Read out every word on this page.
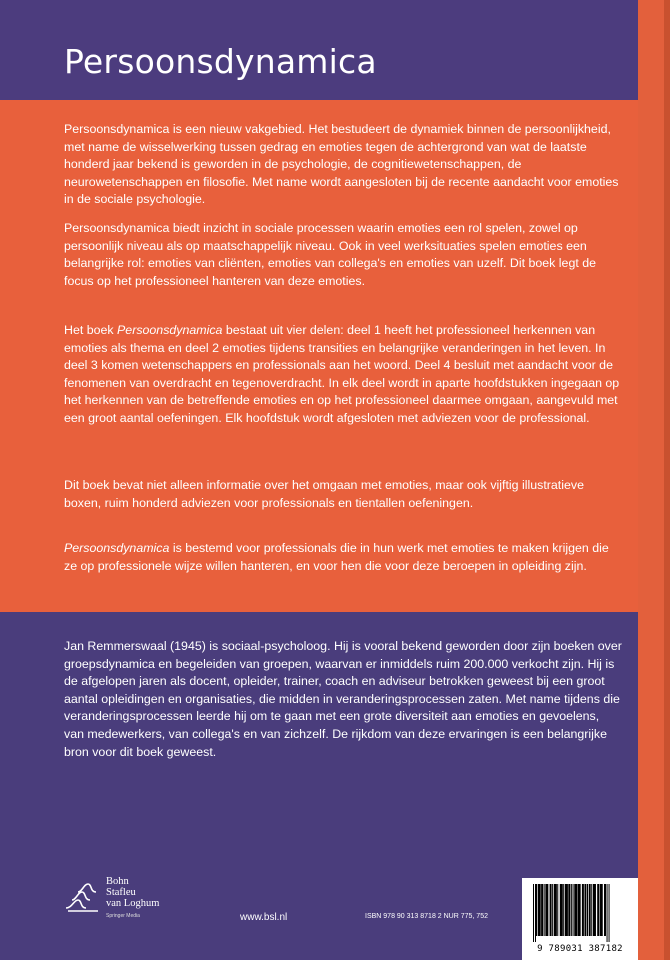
Persoonsdynamica

Persoonsdynamica is een nieuw vakgebied. Het bestudeert de dynamiek binnen de persoonlijkheid, met name de wisselwerking tussen gedrag en emoties tegen de achtergrond van wat de laatste honderd jaar bekend is geworden in de psychologie, de cognitiewetenschappen, de neurowetenschappen en filosofie. Met name wordt aangesloten bij de recente aandacht voor emoties in de sociale psychologie.

Persoonsdynamica biedt inzicht in sociale processen waarin emoties een rol spelen, zowel op persoonlijk niveau als op maatschappelijk niveau. Ook in veel werksituaties spelen emoties een belangrijke rol: emoties van cliënten, emoties van collega's en emoties van uzelf. Dit boek legt de focus op het professioneel hanteren van deze emoties.

Het boek Persoonsdynamica bestaat uit vier delen: deel 1 heeft het professioneel herkennen van emoties als thema en deel 2 emoties tijdens transities en belangrijke veranderingen in het leven. In deel 3 komen wetenschappers en professionals aan het woord. Deel 4 besluit met aandacht voor de fenomenen van overdracht en tegenoverdracht. In elk deel wordt in aparte hoofdstukken ingegaan op het herkennen van de betreffende emoties en op het professioneel daarmee omgaan, aangevuld met een groot aantal oefeningen. Elk hoofdstuk wordt afgesloten met adviezen voor de professional.

Dit boek bevat niet alleen informatie over het omgaan met emoties, maar ook vijftig illustratieve boxen, ruim honderd adviezen voor professionals en tientallen oefeningen.

Persoonsdynamica is bestemd voor professionals die in hun werk met emoties te maken krijgen die ze op professionele wijze willen hanteren, en voor hen die voor deze beroepen in opleiding zijn.

Jan Remmerswaal (1945) is sociaal-psycholoog. Hij is vooral bekend geworden door zijn boeken over groepsdynamica en begeleiden van groepen, waarvan er inmiddels ruim 200.000 verkocht zijn. Hij is de afgelopen jaren als docent, opleider, trainer, coach en adviseur betrokken geweest bij een groot aantal opleidingen en organisaties, die midden in veranderingsprocessen zaten. Met name tijdens die veranderingsprocessen leerde hij om te gaan met een grote diversiteit aan emoties en gevoelens, van medewerkers, van collega's en van zichzelf. De rijkdom van deze ervaringen is een belangrijke bron voor dit boek geweest.

Bohn
Stafleu
van Loghum

Springer Media	www.bsl.nl	ISBN 978 90 313 8718 2 NUR 775, 752

9 789031 387182
